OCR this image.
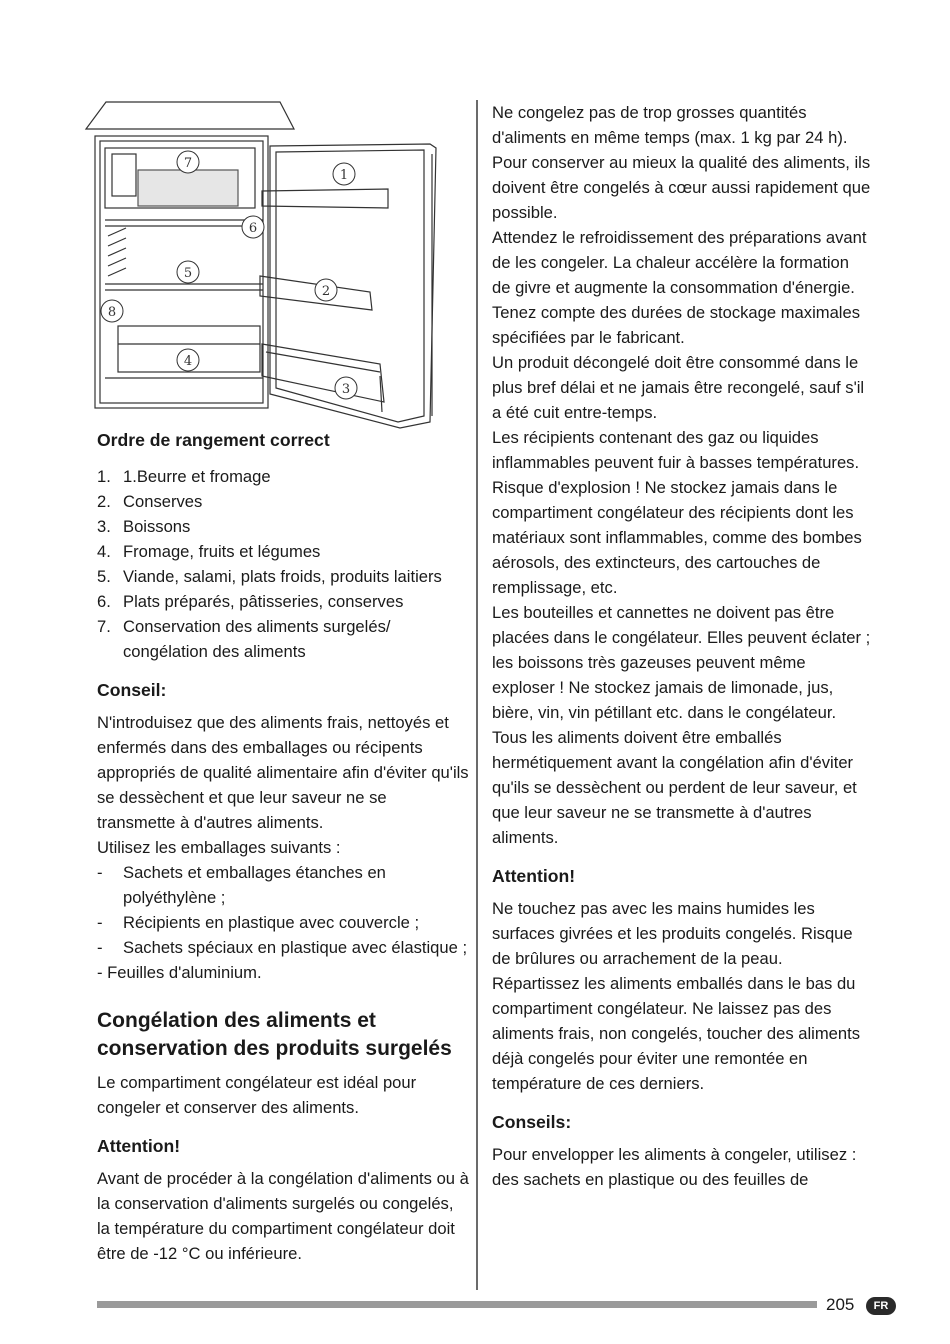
7
1
6
5
2
8
4
3
Ordre de rangement correct
1. 1.Beurre et fromage
2. Conserves
3. Boissons
4. Fromage, fruits et légumes
5. Viande, salami, plats froids, produits laitiers
6. Plats préparés, pâtisseries, conserves
7. Conservation des aliments surgelés/ congélation des aliments
Conseil:

N'introduisez que des aliments frais, nettoyés et enfermés dans des emballages ou récipents appropriés de qualité alimentaire afin d'éviter qu'ils se dessèchent et que leur saveur ne se transmette à d'autres aliments.

Utilisez les emballages suivants :

- Sachets et emballages étanches en polyéthylène ;
- Récipients en plastique avec couvercle ;
- Sachets spéciaux en plastique avec élastique ;

- Feuilles d'aluminium.

Congélation des aliments et conservation des produits surgelés

Le compartiment congélateur est idéal pour congeler et conserver des aliments.

Attention!

Avant de procéder à la congélation d'aliments ou à la conservation d'aliments surgelés ou congelés, la température du compartiment congélateur doit être de -12 °C ou inférieure.

Ne congelez pas de trop grosses quantités d'aliments en même temps (max. 1 kg par 24 h). Pour conserver au mieux la qualité des aliments, ils doivent être congelés à cœur aussi rapidement que possible.

Attendez le refroidissement des préparations avant de les congeler. La chaleur accélère la formation de givre et augmente la consommation d'énergie.

Tenez compte des durées de stockage maximales spécifiées par le fabricant.

Un produit décongelé doit être consommé dans le plus bref délai et ne jamais être recongelé, sauf s'il a été cuit entre-temps.

Les récipients contenant des gaz ou liquides inflammables peuvent fuir à basses températures. Risque d'explosion ! Ne stockez jamais dans le compartiment congélateur des récipients dont les matériaux sont inflammables, comme des bombes aérosols, des extincteurs, des cartouches de remplissage, etc.

Les bouteilles et cannettes ne doivent pas être placées dans le congélateur. Elles peuvent éclater ; les boissons très gazeuses peuvent même exploser ! Ne stockez jamais de limonade, jus, bière, vin, vin pétillant etc. dans le congélateur.

Tous les aliments doivent être emballés hermétiquement avant la congélation afin d'éviter qu'ils se dessèchent ou perdent de leur saveur, et que leur saveur ne se transmette à d'autres aliments.

Attention!

Ne touchez pas avec les mains humides les surfaces givrées et les produits congelés. Risque de brûlures ou arrachement de la peau. Répartissez les aliments emballés dans le bas du compartiment congélateur. Ne laissez pas des aliments frais, non congelés, toucher des aliments déjà congelés pour éviter une remontée en température de ces derniers.

Conseils:

Pour envelopper les aliments à congeler, utilisez :

des sachets en plastique ou des feuilles de

205	FR
